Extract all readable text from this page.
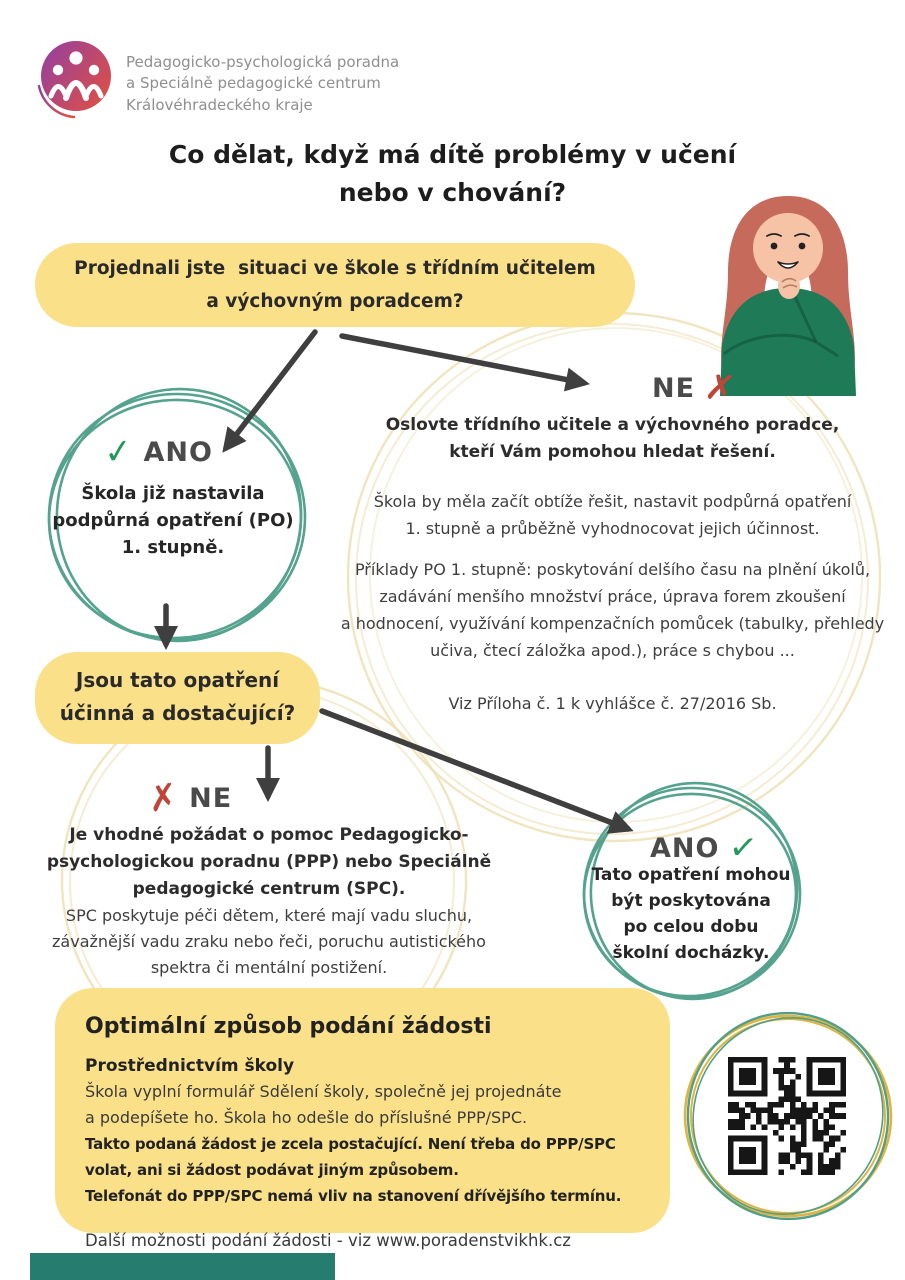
Pedagogicko-psychologická poradna
a Speciálně pedagogické centrum
Královéhradeckého kraje
Co dělat, když má dítě problémy v učení
nebo v chování?
Projednali jste  situaci ve škole s třídním učitelem
a výchovným poradcem?
✓ ANO
Škola již nastavila
podpůrná opatření (PO)
1. stupně.
NE ✗
Oslovte třídního učitele a výchovného poradce,
kteří Vám pomohou hledat řešení.
Škola by měla začít obtíže řešit, nastavit podpůrná opatření
1. stupně a průběžně vyhodnocovat jejich účinnost.
Příklady PO 1. stupně: poskytování delšího času na plnění úkolů,
zadávání menšího množství práce, úprava forem zkoušení
a hodnocení, využívání kompenzačních pomůcek (tabulky, přehledy
učiva, čtecí záložka apod.), práce s chybou ...
Viz Příloha č. 1 k vyhlášce č. 27/2016 Sb.
Jsou tato opatření
účinná a dostačující?
✗ NE
Je vhodné požádat o pomoc Pedagogicko-
psychologickou poradnu (PPP) nebo Speciálně
pedagogické centrum (SPC).
SPC poskytuje péči dětem, které mají vadu sluchu,
závažnější vadu zraku nebo řeči, poruchu autistického
spektra či mentální postižení.
ANO ✓
Tato opatření mohou
být poskytována
po celou dobu
školní docházky.
Optimální způsob podání žádosti
Prostřednictvím školy
Škola vyplní formulář Sdělení školy, společně jej projednáte
a podepíšete ho. Škola ho odešle do příslušné PPP/SPC.
Takto podaná žádost je zcela postačující. Není třeba do PPP/SPC
volat, ani si žádost podávat jiným způsobem.
Telefonát do PPP/SPC nemá vliv na stanovení dřívějšího termínu.
Další možnosti podání žádosti - viz www.poradenstvikhk.cz
